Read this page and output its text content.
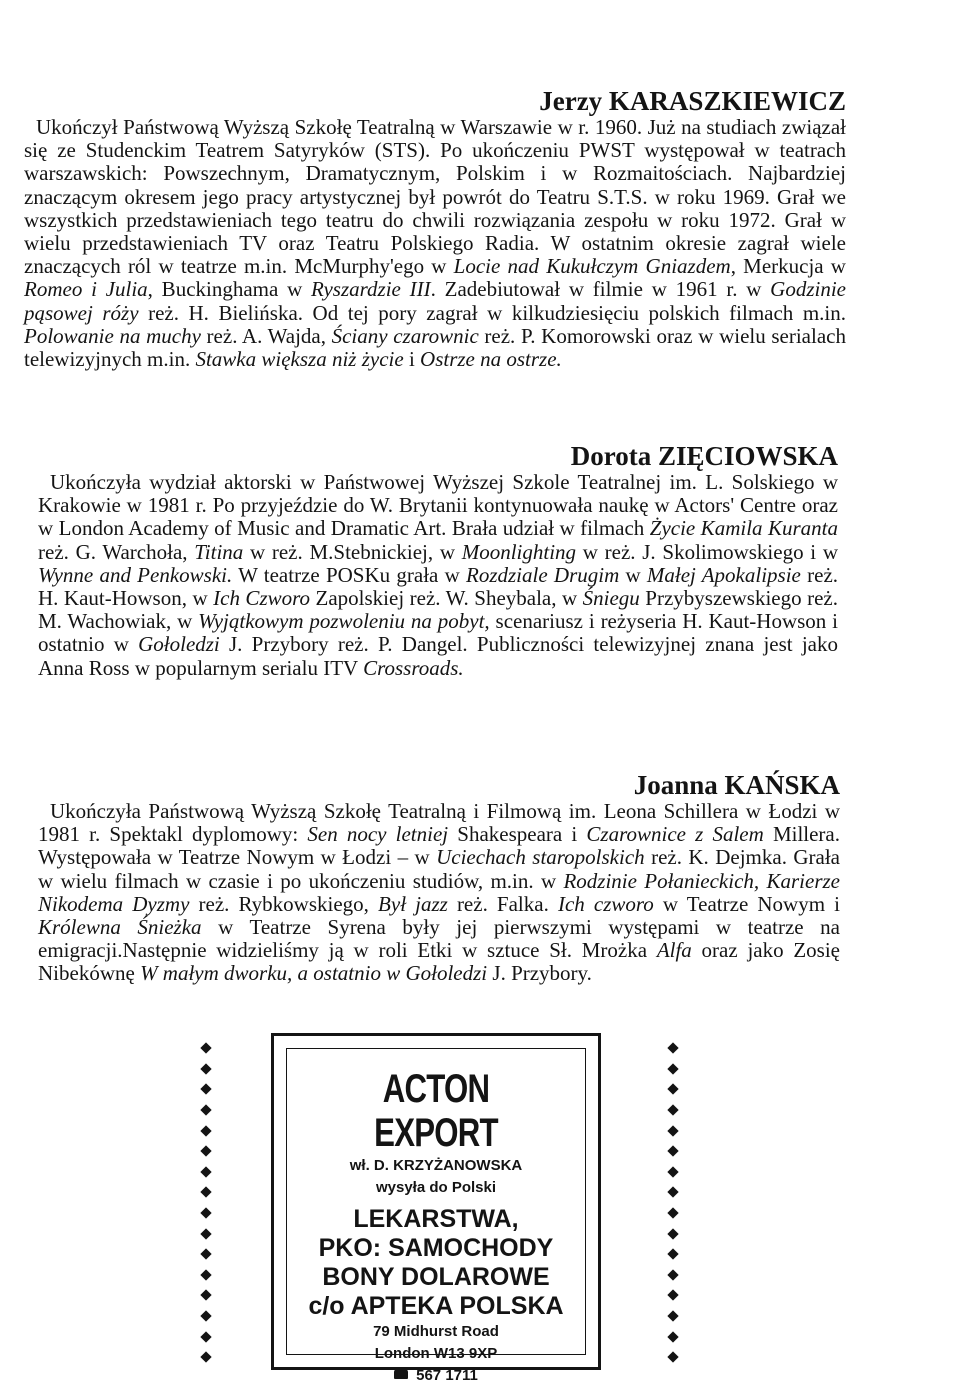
Jerzy KARASZKIEWICZ

Ukończył Państwową Wyższą Szkołę Teatralną w Warszawie w r. 1960. Już na studiach związał się ze Studenckim Teatrem Satyryków (STS). Po ukończeniu PWST występował w teatrach warszawskich: Powszechnym, Dramatycznym, Polskim i w Rozmaitościach. Najbardziej znaczącym okresem jego pracy artystycznej był powrót do Teatru S.T.S. w roku 1969. Grał we wszystkich przedstawieniach tego teatru do chwili rozwiązania zespołu w roku 1972. Grał w wielu przedstawieniach TV oraz Teatru Polskiego Radia. W ostatnim okresie zagrał wiele znaczących ról w teatrze m.in. McMurphy'ego w Locie nad Kukułczym Gniazdem, Merkucja w Romeo i Julia, Buckinghama w Ryszardzie III. Zadebiutował w filmie w 1961 r. w Godzinie pąsowej róży reż. H. Bielińska. Od tej pory zagrał w kilkudziesięciu polskich filmach m.in. Polowanie na muchy reż. A. Wajda, Ściany czarownic reż. P. Komorowski oraz w wielu serialach telewizyjnych m.in. Stawka większa niż życie i Ostrze na ostrze.

Dorota ZIĘCIOWSKA

Ukończyła wydział aktorski w Państwowej Wyższej Szkole Teatralnej im. L. Solskiego w Krakowie w 1981 r. Po przyjeździe do W. Brytanii kontynuowała naukę w Actors' Centre oraz w London Academy of Music and Dramatic Art. Brała udział w filmach Życie Kamila Kuranta reż. G. Warchoła, Titina w reż. M.Stebnickiej, w Moonlighting w reż. J. Skolimowskiego i w Wynne and Penkowski. W teatrze POSKu grała w Rozdziale Drugim w Małej Apokalipsie reż. H. Kaut-Howson, w Ich Czworo Zapolskiej reż. W. Sheybala, w Śniegu Przybyszewskiego reż. M. Wachowiak, w Wyjątkowym pozwoleniu na pobyt, scenariusz i reżyseria H. Kaut-Howson i ostatnio w Gołoledzi J. Przybory reż. P. Dangel. Publiczności telewizyjnej znana jest jako Anna Ross w popularnym serialu ITV Crossroads.

Joanna KAŃSKA

Ukończyła Państwową Wyższą Szkołę Teatralną i Filmową im. Leona Schillera w Łodzi w 1981 r. Spektakl dyplomowy: Sen nocy letniej Shakespeara i Czarownice z Salem Millera. Występowała w Teatrze Nowym w Łodzi – w Uciechach staropolskich reż. K. Dejmka. Grała w wielu filmach w czasie i po ukończeniu studiów, m.in. w Rodzinie Połanieckich, Karierze Nikodema Dyzmy reż. Rybkowskiego, Był jazz reż. Falka. Ich czworo w Teatrze Nowym i Królewna Śnieżka w Teatrze Syrena były jej pierwszymi występami w teatrze na emigracji.Następnie widzieliśmy ją w roli Etki w sztuce Sł. Mrożka Alfa oraz jako Zosię Nibekównę W małym dworku, a ostatnio w Gołoledzi J. Przybory.

ACTON EXPORT
wł. D. KRZYŻANOWSKA
wysyła do Polski
LEKARSTWA,
PKO: SAMOCHODY
BONY DOLAROWE
c/o APTEKA POLSKA
79 Midhurst Road
London W13 9XP
567 1711
